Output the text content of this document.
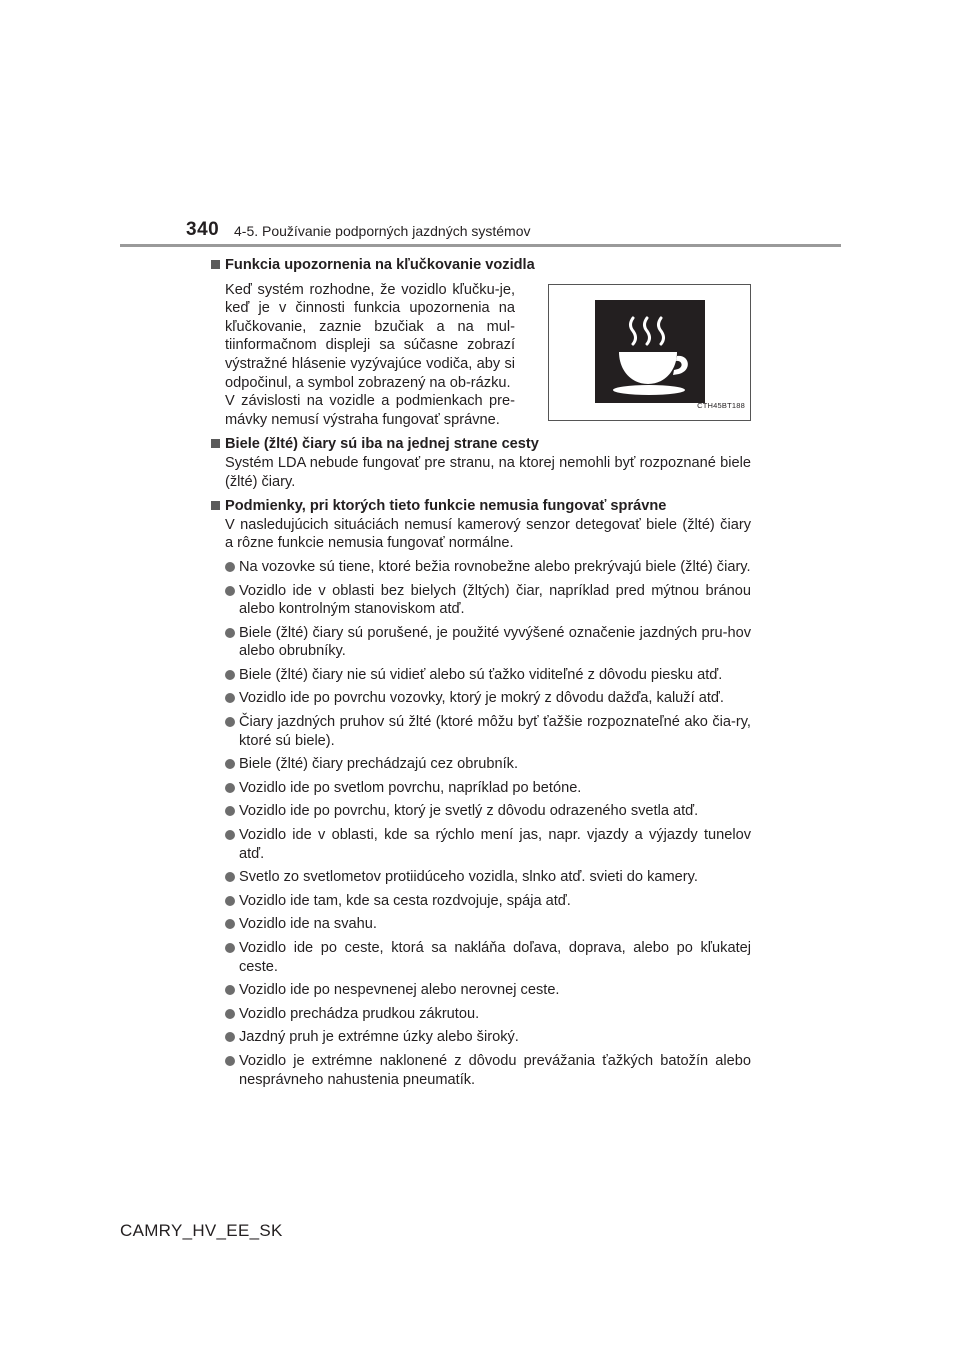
340 4-5. Používanie podporných jazdných systémov
Funkcia upozornenia na kľučkovanie vozidla
Keď systém rozhodne, že vozidlo kľučku-je, keď je v činnosti funkcia upozornenia na kľučkovanie, zaznie bzučiak a na mul-tiinformačnom displeji sa súčasne zobrazí výstražné hlásenie vyzývajúce vodiča, aby si odpočinul, a symbol zobrazený na ob-rázku.
V závislosti na vozidle a podmienkach pre-mávky nemusí výstraha fungovať správne.
CTH45BT188
Biele (žlté) čiary sú iba na jednej strane cesty
Systém LDA nebude fungovať pre stranu, na ktorej nemohli byť rozpoznané biele (žlté) čiary.
Podmienky, pri ktorých tieto funkcie nemusia fungovať správne
V nasledujúcich situáciách nemusí kamerový senzor detegovať biele (žlté) čiary a rôzne funkcie nemusia fungovať normálne.
Na vozovke sú tiene, ktoré bežia rovnobežne alebo prekrývajú biele (žlté) čiary.
Vozidlo ide v oblasti bez bielych (žltých) čiar, napríklad pred mýtnou bránou alebo kontrolným stanoviskom atď.
Biele (žlté) čiary sú porušené, je použité vyvýšené označenie jazdných pru-hov alebo obrubníky.
Biele (žlté) čiary nie sú vidieť alebo sú ťažko viditeľné z dôvodu piesku atď.
Vozidlo ide po povrchu vozovky, ktorý je mokrý z dôvodu dažďa, kaluží atď.
Čiary jazdných pruhov sú žlté (ktoré môžu byť ťažšie rozpoznateľné ako čia-ry, ktoré sú biele).
Biele (žlté) čiary prechádzajú cez obrubník.
Vozidlo ide po svetlom povrchu, napríklad po betóne.
Vozidlo ide po povrchu, ktorý je svetlý z dôvodu odrazeného svetla atď.
Vozidlo ide v oblasti, kde sa rýchlo mení jas, napr. vjazdy a výjazdy tunelov atď.
Svetlo zo svetlometov protiidúceho vozidla, slnko atď. svieti do kamery.
Vozidlo ide tam, kde sa cesta rozdvojuje, spája atď.
Vozidlo ide na svahu.
Vozidlo ide po ceste, ktorá sa nakláňa doľava, doprava, alebo po kľukatej ceste.
Vozidlo ide po nespevnenej alebo nerovnej ceste.
Vozidlo prechádza prudkou zákrutou.
Jazdný pruh je extrémne úzky alebo široký.
Vozidlo je extrémne naklonené z dôvodu prevážania ťažkých batožín alebo nesprávneho nahustenia pneumatík.
CAMRY_HV_EE_SK
